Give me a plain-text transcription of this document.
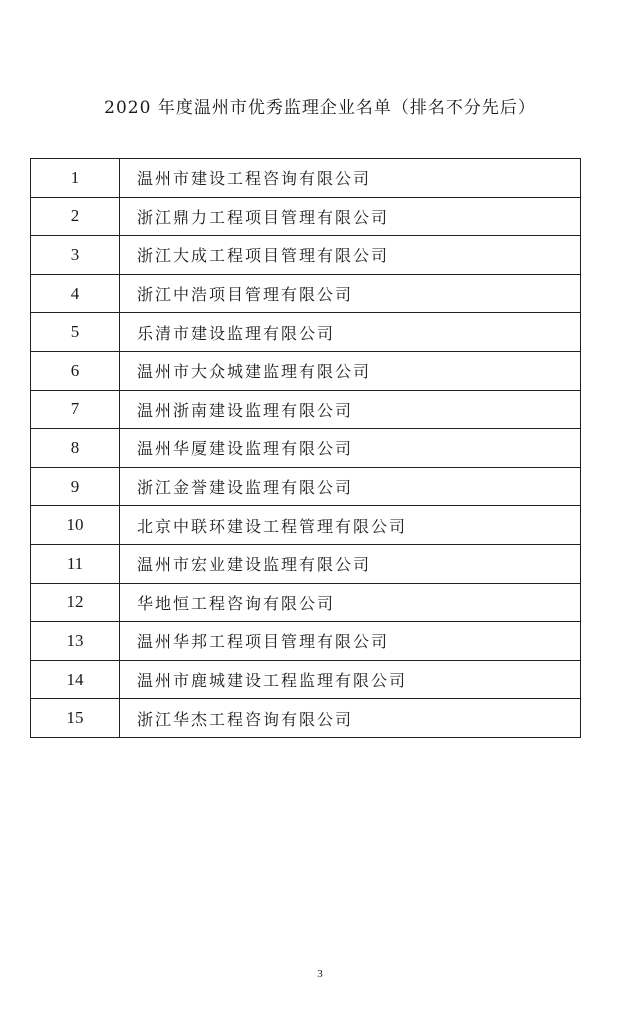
2020 年度温州市优秀监理企业名单（排名不分先后）
1	温州市建设工程咨询有限公司
2	浙江鼎力工程项目管理有限公司
3	浙江大成工程项目管理有限公司
4	浙江中浩项目管理有限公司
5	乐清市建设监理有限公司
6	温州市大众城建监理有限公司
7	温州浙南建设监理有限公司
8	温州华厦建设监理有限公司
9	浙江金誉建设监理有限公司
10	北京中联环建设工程管理有限公司
11	温州市宏业建设监理有限公司
12	华地恒工程咨询有限公司
13	温州华邦工程项目管理有限公司
14	温州市鹿城建设工程监理有限公司
15	浙江华杰工程咨询有限公司
3
